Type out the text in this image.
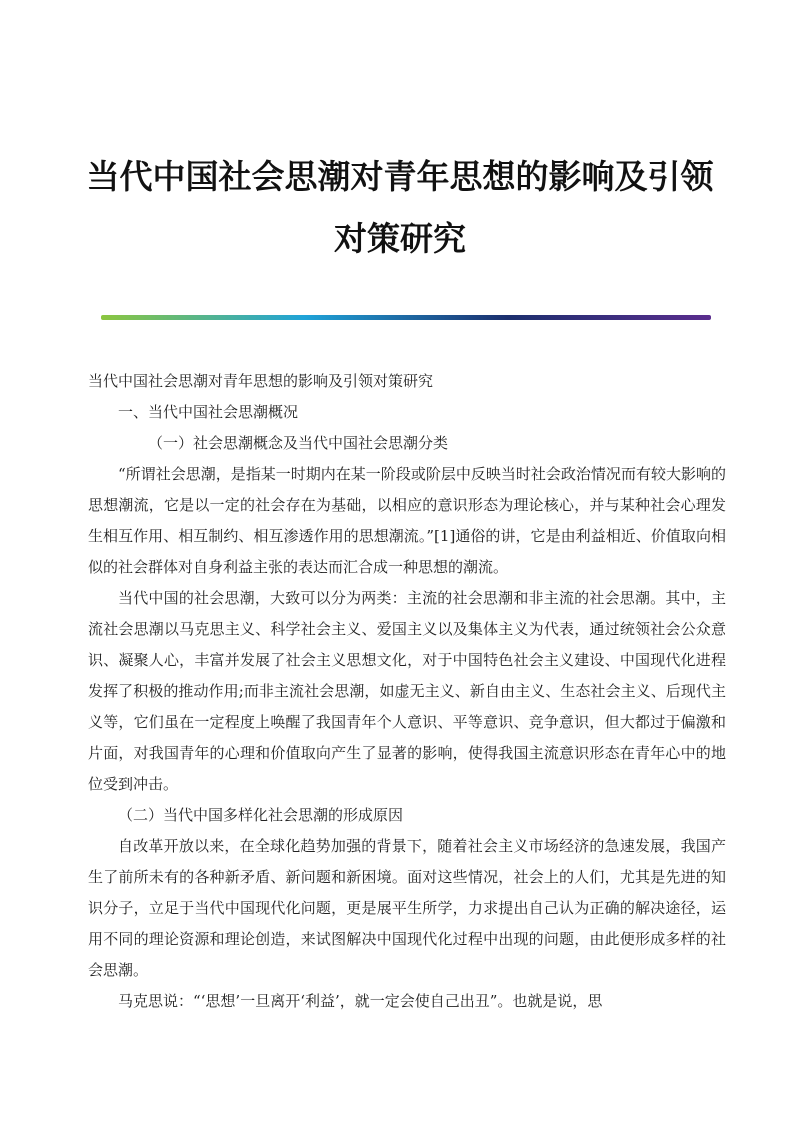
当代中国社会思潮对青年思想的影响及引领
对策研究

当代中国社会思潮对青年思想的影响及引领对策研究

一、当代中国社会思潮概况

（一）社会思潮概念及当代中国社会思潮分类

“所谓社会思潮，是指某一时期内在某一阶段或阶层中反映当时社会政治情况而有较大影响的思想潮流，它是以一定的社会存在为基础，以相应的意识形态为理论核心，并与某种社会心理发生相互作用、相互制约、相互渗透作用的思想潮流。”[1]通俗的讲，它是由利益相近、价值取向相似的社会群体对自身利益主张的表达而汇合成一种思想的潮流。

当代中国的社会思潮，大致可以分为两类：主流的社会思潮和非主流的社会思潮。其中，主流社会思潮以马克思主义、科学社会主义、爱国主义以及集体主义为代表，通过统领社会公众意识、凝聚人心，丰富并发展了社会主义思想文化，对于中国特色社会主义建设、中国现代化进程发挥了积极的推动作用;而非主流社会思潮，如虚无主义、新自由主义、生态社会主义、后现代主义等，它们虽在一定程度上唤醒了我国青年个人意识、平等意识、竞争意识，但大都过于偏激和片面，对我国青年的心理和价值取向产生了显著的影响，使得我国主流意识形态在青年心中的地位受到冲击。

（二）当代中国多样化社会思潮的形成原因

自改革开放以来，在全球化趋势加强的背景下，随着社会主义市场经济的急速发展，我国产生了前所未有的各种新矛盾、新问题和新困境。面对这些情况，社会上的人们，尤其是先进的知识分子，立足于当代中国现代化问题，更是展平生所学，力求提出自己认为正确的解决途径，运用不同的理论资源和理论创造，来试图解决中国现代化过程中出现的问题，由此便形成多样的社会思潮。

马克思说：“‘思想’一旦离开‘利益’，就一定会使自己出丑”。也就是说，思
